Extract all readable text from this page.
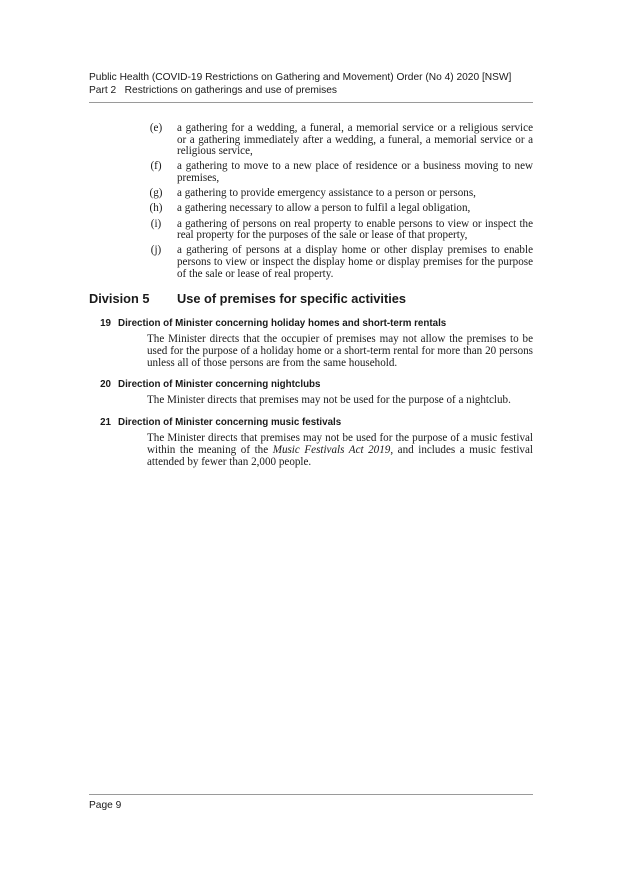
Public Health (COVID-19 Restrictions on Gathering and Movement) Order (No 4) 2020 [NSW]
Part 2   Restrictions on gatherings and use of premises
(e)	a gathering for a wedding, a funeral, a memorial service or a religious service or a gathering immediately after a wedding, a funeral, a memorial service or a religious service,
(f)	a gathering to move to a new place of residence or a business moving to new premises,
(g)	a gathering to provide emergency assistance to a person or persons,
(h)	a gathering necessary to allow a person to fulfil a legal obligation,
(i)	a gathering of persons on real property to enable persons to view or inspect the real property for the purposes of the sale or lease of that property,
(j)	a gathering of persons at a display home or other display premises to enable persons to view or inspect the display home or display premises for the purpose of the sale or lease of real property.
Division 5 Use of premises for specific activities
19 Direction of Minister concerning holiday homes and short-term rentals
The Minister directs that the occupier of premises may not allow the premises to be used for the purpose of a holiday home or a short-term rental for more than 20 persons unless all of those persons are from the same household.
20 Direction of Minister concerning nightclubs
The Minister directs that premises may not be used for the purpose of a nightclub.
21 Direction of Minister concerning music festivals
The Minister directs that premises may not be used for the purpose of a music festival within the meaning of the Music Festivals Act 2019, and includes a music festival attended by fewer than 2,000 people.
Page 9
